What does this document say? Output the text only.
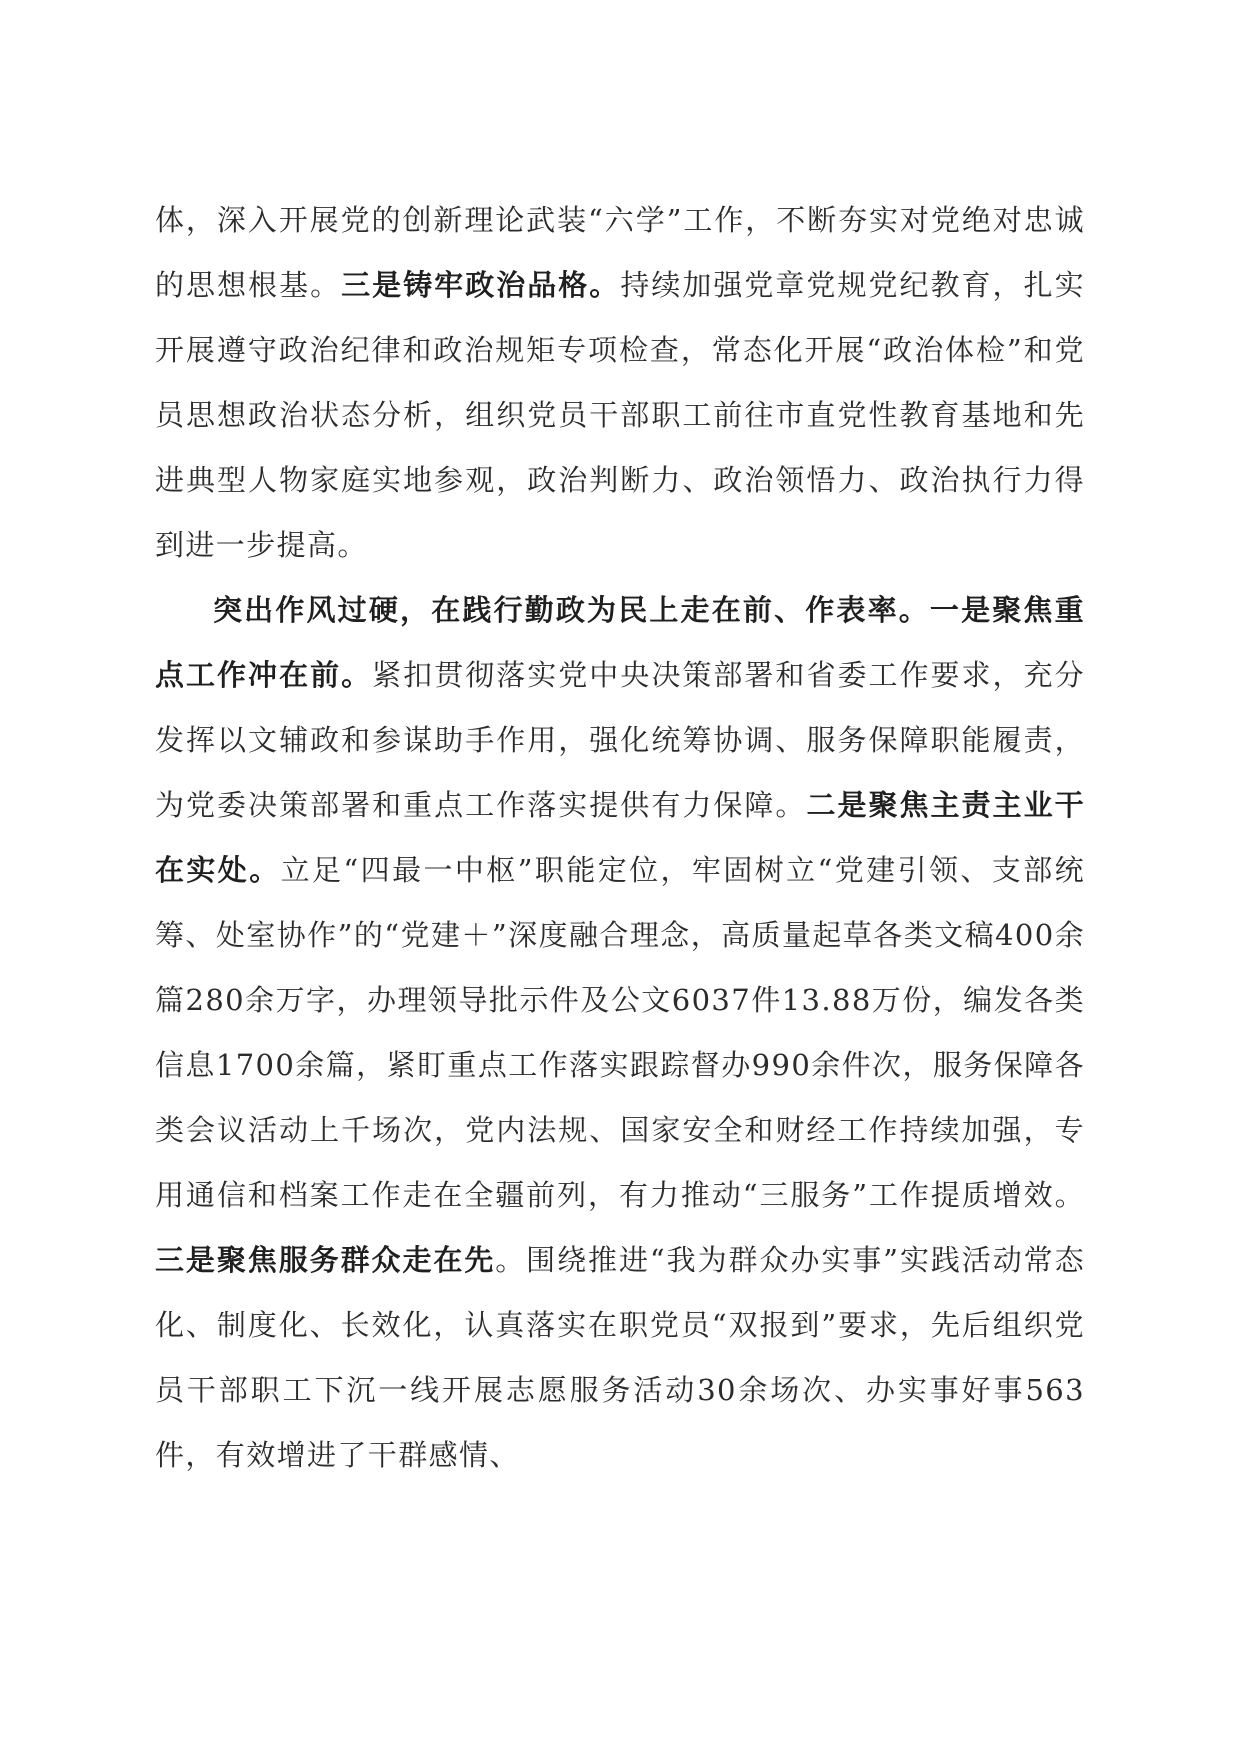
体，深入开展党的创新理论武装“六学”工作，不断夯实对党绝对忠诚的思想根基。三是铸牢政治品格。持续加强党章党规党纪教育，扎实开展遵守政治纪律和政治规矩专项检查，常态化开展“政治体检”和党员思想政治状态分析，组织党员干部职工前往市直党性教育基地和先进典型人物家庭实地参观，政治判断力、政治领悟力、政治执行力得到进一步提高。

突出作风过硬，在践行勤政为民上走在前、作表率。一是聚焦重点工作冲在前。紧扣贯彻落实党中央决策部署和省委工作要求，充分发挥以文辅政和参谋助手作用，强化统筹协调、服务保障职能履责，为党委决策部署和重点工作落实提供有力保障。二是聚焦主责主业干在实处。立足“四最一中枢”职能定位，牢固树立“党建引领、支部统筹、处室协作”的“党建＋”深度融合理念，高质量起草各类文稿400余篇280余万字，办理领导批示件及公文6037件13.88万份，编发各类信息1700余篇，紧盯重点工作落实跟踪督办990余件次，服务保障各类会议活动上千场次，党内法规、国家安全和财经工作持续加强，专用通信和档案工作走在全疆前列，有力推动“三服务”工作提质增效。三是聚焦服务群众走在先。围绕推进“我为群众办实事”实践活动常态化、制度化、长效化，认真落实在职党员“双报到”要求，先后组织党员干部职工下沉一线开展志愿服务活动30余场次、办实事好事563件，有效增进了干群感情、
